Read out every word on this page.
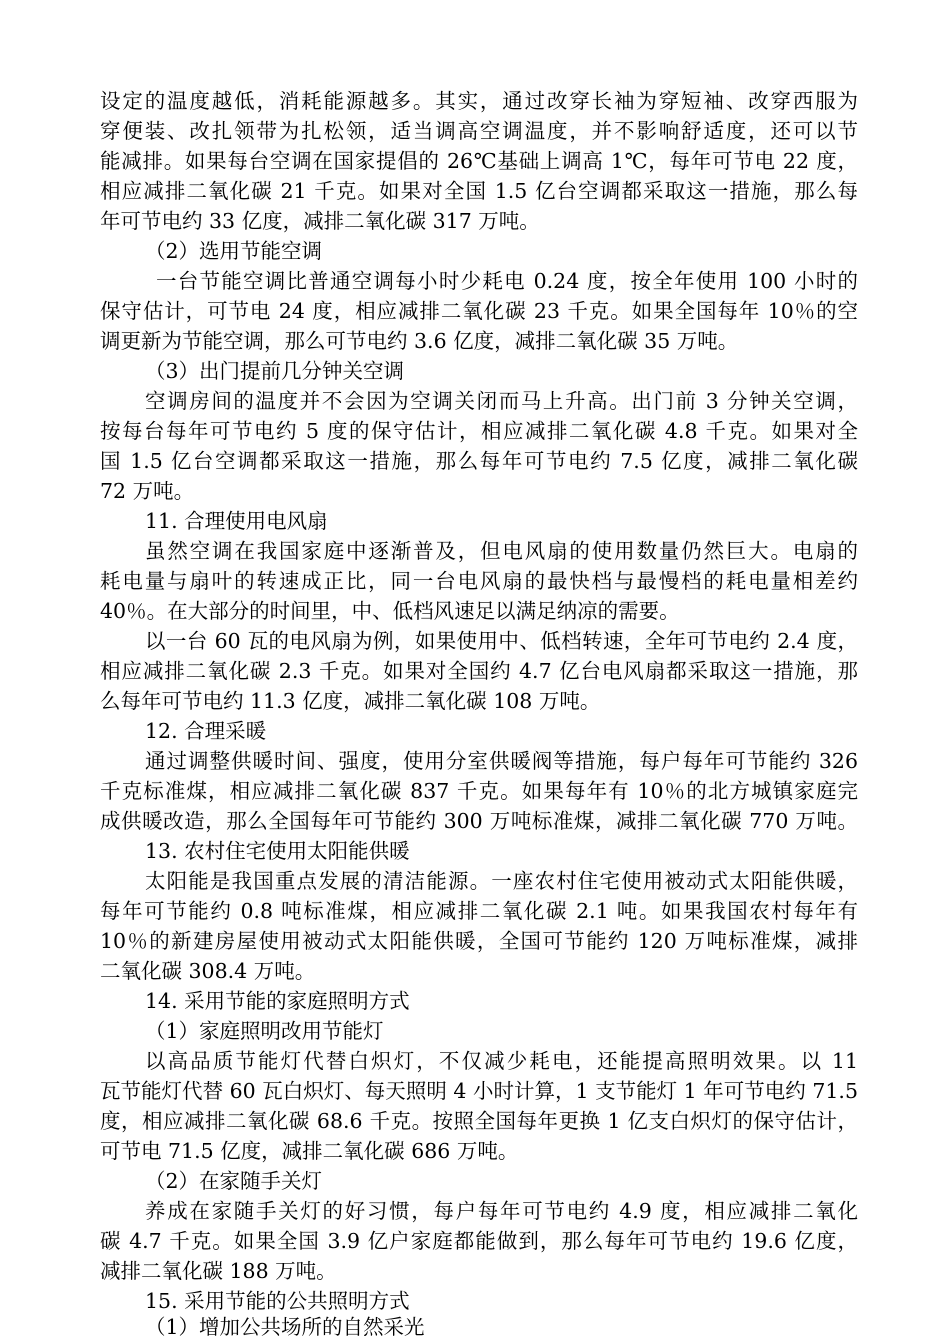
设定的温度越低，消耗能源越多。其实，通过改穿长袖为穿短袖、改穿西服为
穿便装、改扎领带为扎松领，适当调高空调温度，并不影响舒适度，还可以节
能减排。如果每台空调在国家提倡的 26℃基础上调高 1℃，每年可节电 22 度，
相应减排二氧化碳 21 千克。如果对全国 1.5 亿台空调都采取这一措施，那么每
年可节电约 33 亿度，减排二氧化碳 317 万吨。
（2）选用节能空调
一台节能空调比普通空调每小时少耗电 0.24 度，按全年使用 100 小时的
保守估计，可节电 24 度，相应减排二氧化碳 23 千克。如果全国每年 10％的空
调更新为节能空调，那么可节电约 3.6 亿度，减排二氧化碳 35 万吨。
（3）出门提前几分钟关空调
空调房间的温度并不会因为空调关闭而马上升高。出门前 3 分钟关空调，
按每台每年可节电约 5 度的保守估计，相应减排二氧化碳 4.8 千克。如果对全
国 1.5 亿台空调都采取这一措施，那么每年可节电约 7.5 亿度，减排二氧化碳
72 万吨。
11. 合理使用电风扇
虽然空调在我国家庭中逐渐普及，但电风扇的使用数量仍然巨大。电扇的
耗电量与扇叶的转速成正比，同一台电风扇的最快档与最慢档的耗电量相差约
40％。在大部分的时间里，中、低档风速足以满足纳凉的需要。
以一台 60 瓦的电风扇为例，如果使用中、低档转速，全年可节电约 2.4 度，
相应减排二氧化碳 2.3 千克。如果对全国约 4.7 亿台电风扇都采取这一措施，那
么每年可节电约 11.3 亿度，减排二氧化碳 108 万吨。
12. 合理采暖
通过调整供暖时间、强度，使用分室供暖阀等措施，每户每年可节能约 326
千克标准煤，相应减排二氧化碳 837 千克。如果每年有 10％的北方城镇家庭完
成供暖改造，那么全国每年可节能约 300 万吨标准煤，减排二氧化碳 770 万吨。
13. 农村住宅使用太阳能供暖
太阳能是我国重点发展的清洁能源。一座农村住宅使用被动式太阳能供暖，
每年可节能约 0.8 吨标准煤，相应减排二氧化碳 2.1 吨。如果我国农村每年有
10％的新建房屋使用被动式太阳能供暖，全国可节能约 120 万吨标准煤，减排
二氧化碳 308.4 万吨。
14. 采用节能的家庭照明方式
（1）家庭照明改用节能灯
以高品质节能灯代替白炽灯，不仅减少耗电，还能提高照明效果。以 11
瓦节能灯代替 60 瓦白炽灯、每天照明 4 小时计算，1 支节能灯 1 年可节电约 71.5
度，相应减排二氧化碳 68.6 千克。按照全国每年更换 1 亿支白炽灯的保守估计，
可节电 71.5 亿度，减排二氧化碳 686 万吨。
（2）在家随手关灯
养成在家随手关灯的好习惯，每户每年可节电约 4.9 度，相应减排二氧化
碳 4.7 千克。如果全国 3.9 亿户家庭都能做到，那么每年可节电约 19.6 亿度，
减排二氧化碳 188 万吨。
15. 采用节能的公共照明方式
（1）增加公共场所的自然采光
